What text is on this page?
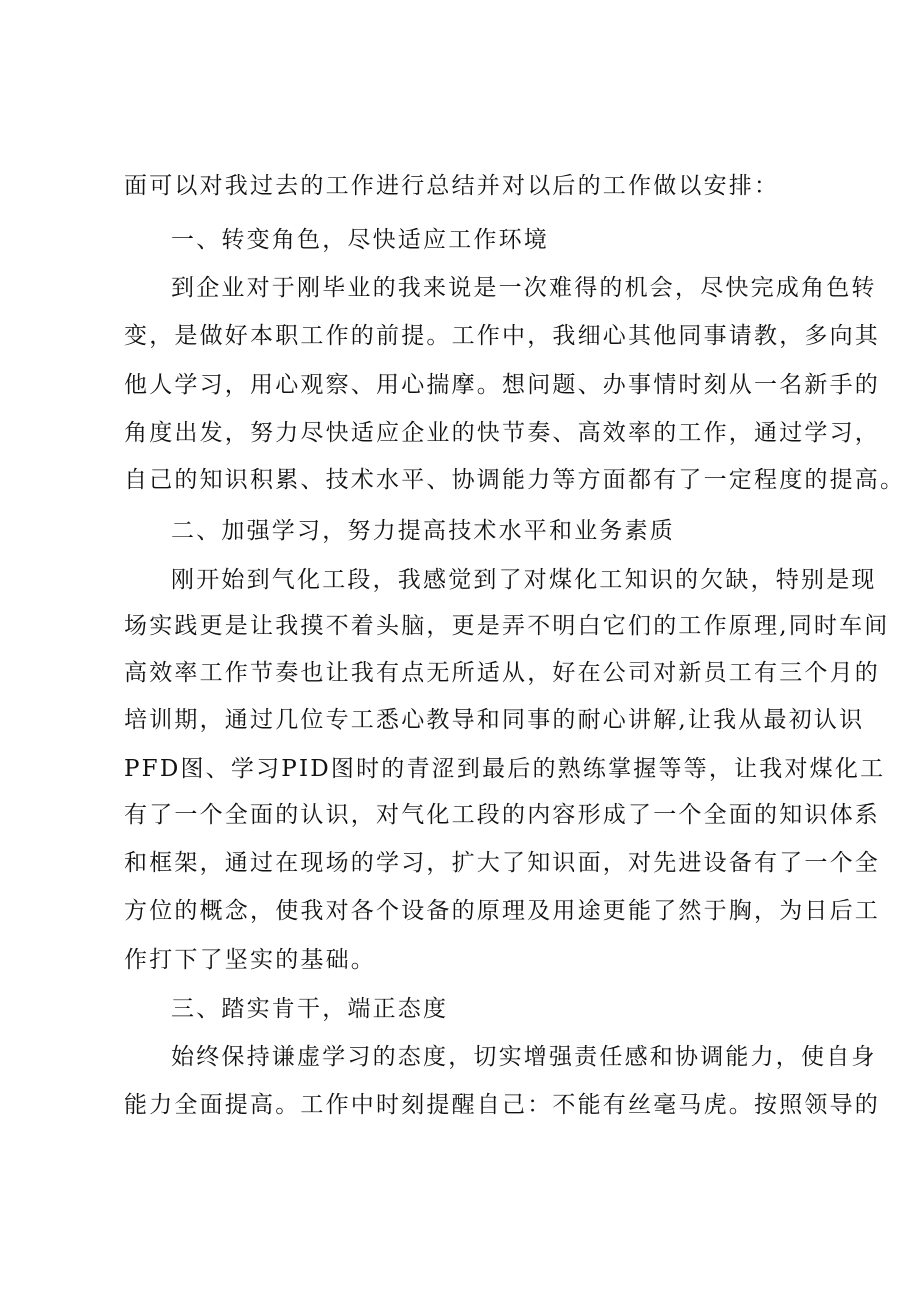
面可以对我过去的工作进行总结并对以后的工作做以安排：
一、转变角色，尽快适应工作环境
到企业对于刚毕业的我来说是一次难得的机会，尽快完成角色转
变，是做好本职工作的前提。工作中，我细心其他同事请教，多向其
他人学习，用心观察、用心揣摩。想问题、办事情时刻从一名新手的
角度出发，努力尽快适应企业的快节奏、高效率的工作，通过学习，
自己的知识积累、技术水平、协调能力等方面都有了一定程度的提高。
二、加强学习，努力提高技术水平和业务素质
刚开始到气化工段，我感觉到了对煤化工知识的欠缺，特别是现
场实践更是让我摸不着头脑，更是弄不明白它们的工作原理,同时车间
高效率工作节奏也让我有点无所适从，好在公司对新员工有三个月的
培训期，通过几位专工悉心教导和同事的耐心讲解,让我从最初认识
PFD图、学习PID图时的青涩到最后的熟练掌握等等，让我对煤化工
有了一个全面的认识，对气化工段的内容形成了一个全面的知识体系
和框架，通过在现场的学习，扩大了知识面，对先进设备有了一个全
方位的概念，使我对各个设备的原理及用途更能了然于胸，为日后工
作打下了坚实的基础。
三、踏实肯干，端正态度
始终保持谦虚学习的态度，切实增强责任感和协调能力，使自身
能力全面提高。工作中时刻提醒自己：不能有丝毫马虎。按照领导的
